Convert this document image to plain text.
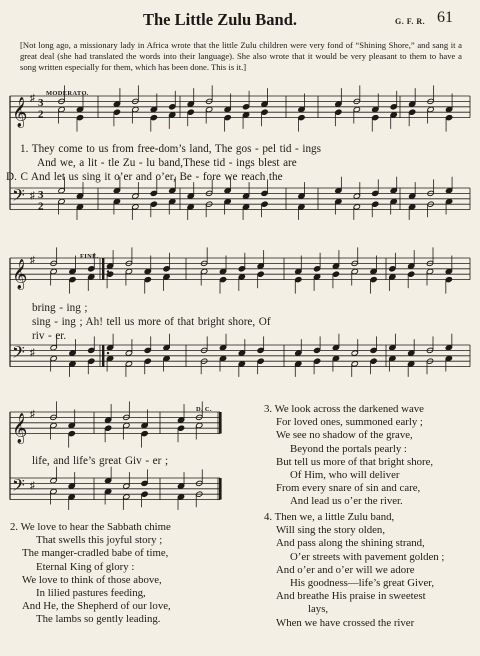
The Little Zulu Band.	G. F. R. 61
[Not long ago, a missionary lady in Africa wrote that the little Zulu children were very fond of “Shining Shore,” and sang it a great deal (she had translated the words into their language). She also wrote that it would be very pleasant to them to have a song written especially for them, which has been done. This is it.]
𝄞
𝄢
♯
♯
3
2
3
2
𝄞
𝄢
♯
♯
𝄞
𝄢
♯
♯
MODERATO.
FINE.
D. C.
1. They come to us from free-dom’s land, The gos - pel tid - ings
And we, a lit - tle Zu - lu band,These tid - ings blest are
D. C And let us sing it o’er and o’er, Be - fore we reach the
bring - ing ;
sing - ing ; Ah! tell us more of that bright shore, Of
riv - er.
life, and life’s great Giv - er ;
3. We look across the darkened wave
For loved ones, summoned early ;
We see no shadow of the grave,
Beyond the portals pearly :
But tell us more of that bright shore,
Of Him, who will deliver
From every snare of sin and care,
And lead us o’er the river.
4. Then we, a little Zulu band,
Will sing the story olden,
And pass along the shining strand,
O’er streets with pavement golden ;
And o’er and o’er will we adore
His goodness—life’s great Giver,
And breathe His praise in sweetest
lays,
When we have crossed the river
2. We love to hear the Sabbath chime
That swells this joyful story ;
The manger-cradled babe of time,
Eternal King of glory :
We love to think of those above,
In lilied pastures feeding,
And He, the Shepherd of our love,
The lambs so gently leading.
